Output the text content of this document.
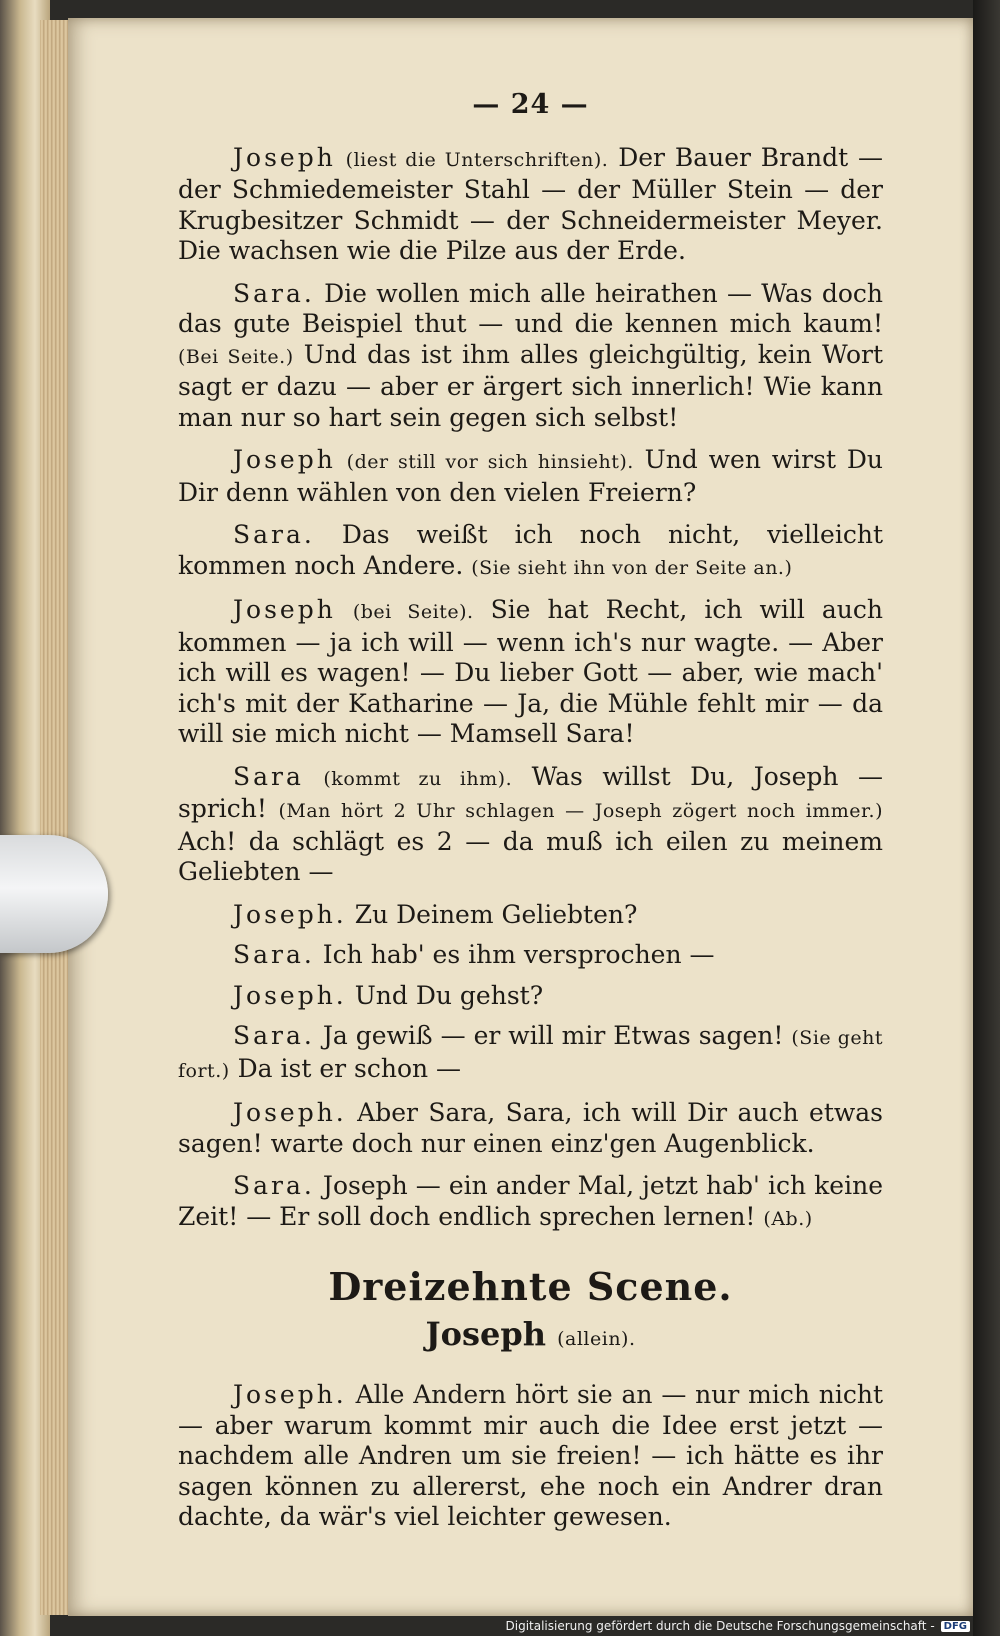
— 24 —

Joseph (liest die Unterschriften). Der Bauer Brandt — der Schmiedemeister Stahl — der Müller Stein — der Krugbesitzer Schmidt — der Schneidermeister Meyer. Die wachsen wie die Pilze aus der Erde.

Sara. Die wollen mich alle heirathen — Was doch das gute Beispiel thut — und die kennen mich kaum! (Bei Seite.) Und das ist ihm alles gleichgültig, kein Wort sagt er dazu — aber er ärgert sich innerlich! Wie kann man nur so hart sein gegen sich selbst!

Joseph (der still vor sich hinsieht). Und wen wirst Du Dir denn wählen von den vielen Freiern?

Sara. Das weißt ich noch nicht, vielleicht kommen noch Andere. (Sie sieht ihn von der Seite an.)

Joseph (bei Seite). Sie hat Recht, ich will auch kommen — ja ich will — wenn ich's nur wagte. — Aber ich will es wagen! — Du lieber Gott — aber, wie mach' ich's mit der Katharine — Ja, die Mühle fehlt mir — da will sie mich nicht — Mamsell Sara!

Sara (kommt zu ihm). Was willst Du, Joseph — sprich! (Man hört 2 Uhr schlagen — Joseph zögert noch immer.) Ach! da schlägt es 2 — da muß ich eilen zu meinem Geliebten —

Joseph. Zu Deinem Geliebten?

Sara. Ich hab' es ihm versprochen —

Joseph. Und Du gehst?

Sara. Ja gewiß — er will mir Etwas sagen! (Sie geht fort.) Da ist er schon —

Joseph. Aber Sara, Sara, ich will Dir auch etwas sagen! warte doch nur einen einz'gen Augenblick.

Sara. Joseph — ein ander Mal, jetzt hab' ich keine Zeit! — Er soll doch endlich sprechen lernen! (Ab.)

Dreizehnte Scene.
Joseph (allein).

Joseph. Alle Andern hört sie an — nur mich nicht — aber warum kommt mir auch die Idee erst jetzt — nachdem alle Andren um sie freien! — ich hätte es ihr sagen können zu allererst, ehe noch ein Andrer dran dachte, da wär's viel leichter gewesen.

Digitalisierung gefördert durch die Deutsche Forschungsgemeinschaft - DFG
